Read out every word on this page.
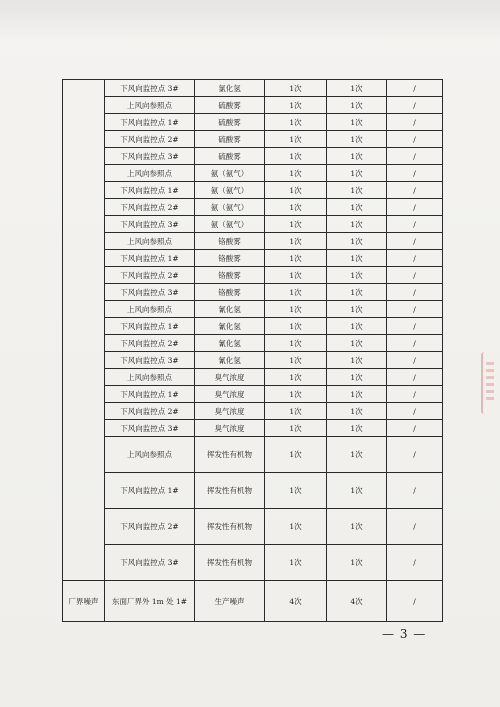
	下风向监控点 3#	氯化氢	1次	1次	/
	上风向参照点	硫酸雾	1次	1次	/
	下风向监控点 1#	硫酸雾	1次	1次	/
	下风向监控点 2#	硫酸雾	1次	1次	/
	下风向监控点 3#	硫酸雾	1次	1次	/
	上风向参照点	氨（氨气）	1次	1次	/
	下风向监控点 1#	氨（氨气）	1次	1次	/
	下风向监控点 2#	氨（氨气）	1次	1次	/
	下风向监控点 3#	氨（氨气）	1次	1次	/
	上风向参照点	铬酸雾	1次	1次	/
	下风向监控点 1#	铬酸雾	1次	1次	/
	下风向监控点 2#	铬酸雾	1次	1次	/
	下风向监控点 3#	铬酸雾	1次	1次	/
	上风向参照点	氰化氢	1次	1次	/
	下风向监控点 1#	氰化氢	1次	1次	/
	下风向监控点 2#	氰化氢	1次	1次	/
	下风向监控点 3#	氰化氢	1次	1次	/
	上风向参照点	臭气浓度	1次	1次	/
	下风向监控点 1#	臭气浓度	1次	1次	/
	下风向监控点 2#	臭气浓度	1次	1次	/
	下风向监控点 3#	臭气浓度	1次	1次	/
	上风向参照点	挥发性有机物	1次	1次	/
	下风向监控点 1#	挥发性有机物	1次	1次	/
	下风向监控点 2#	挥发性有机物	1次	1次	/
	下风向监控点 3#	挥发性有机物	1次	1次	/
厂界噪声	东面厂界外 1m 处 1#	生产噪声	4次	4次	/
— 3 —
